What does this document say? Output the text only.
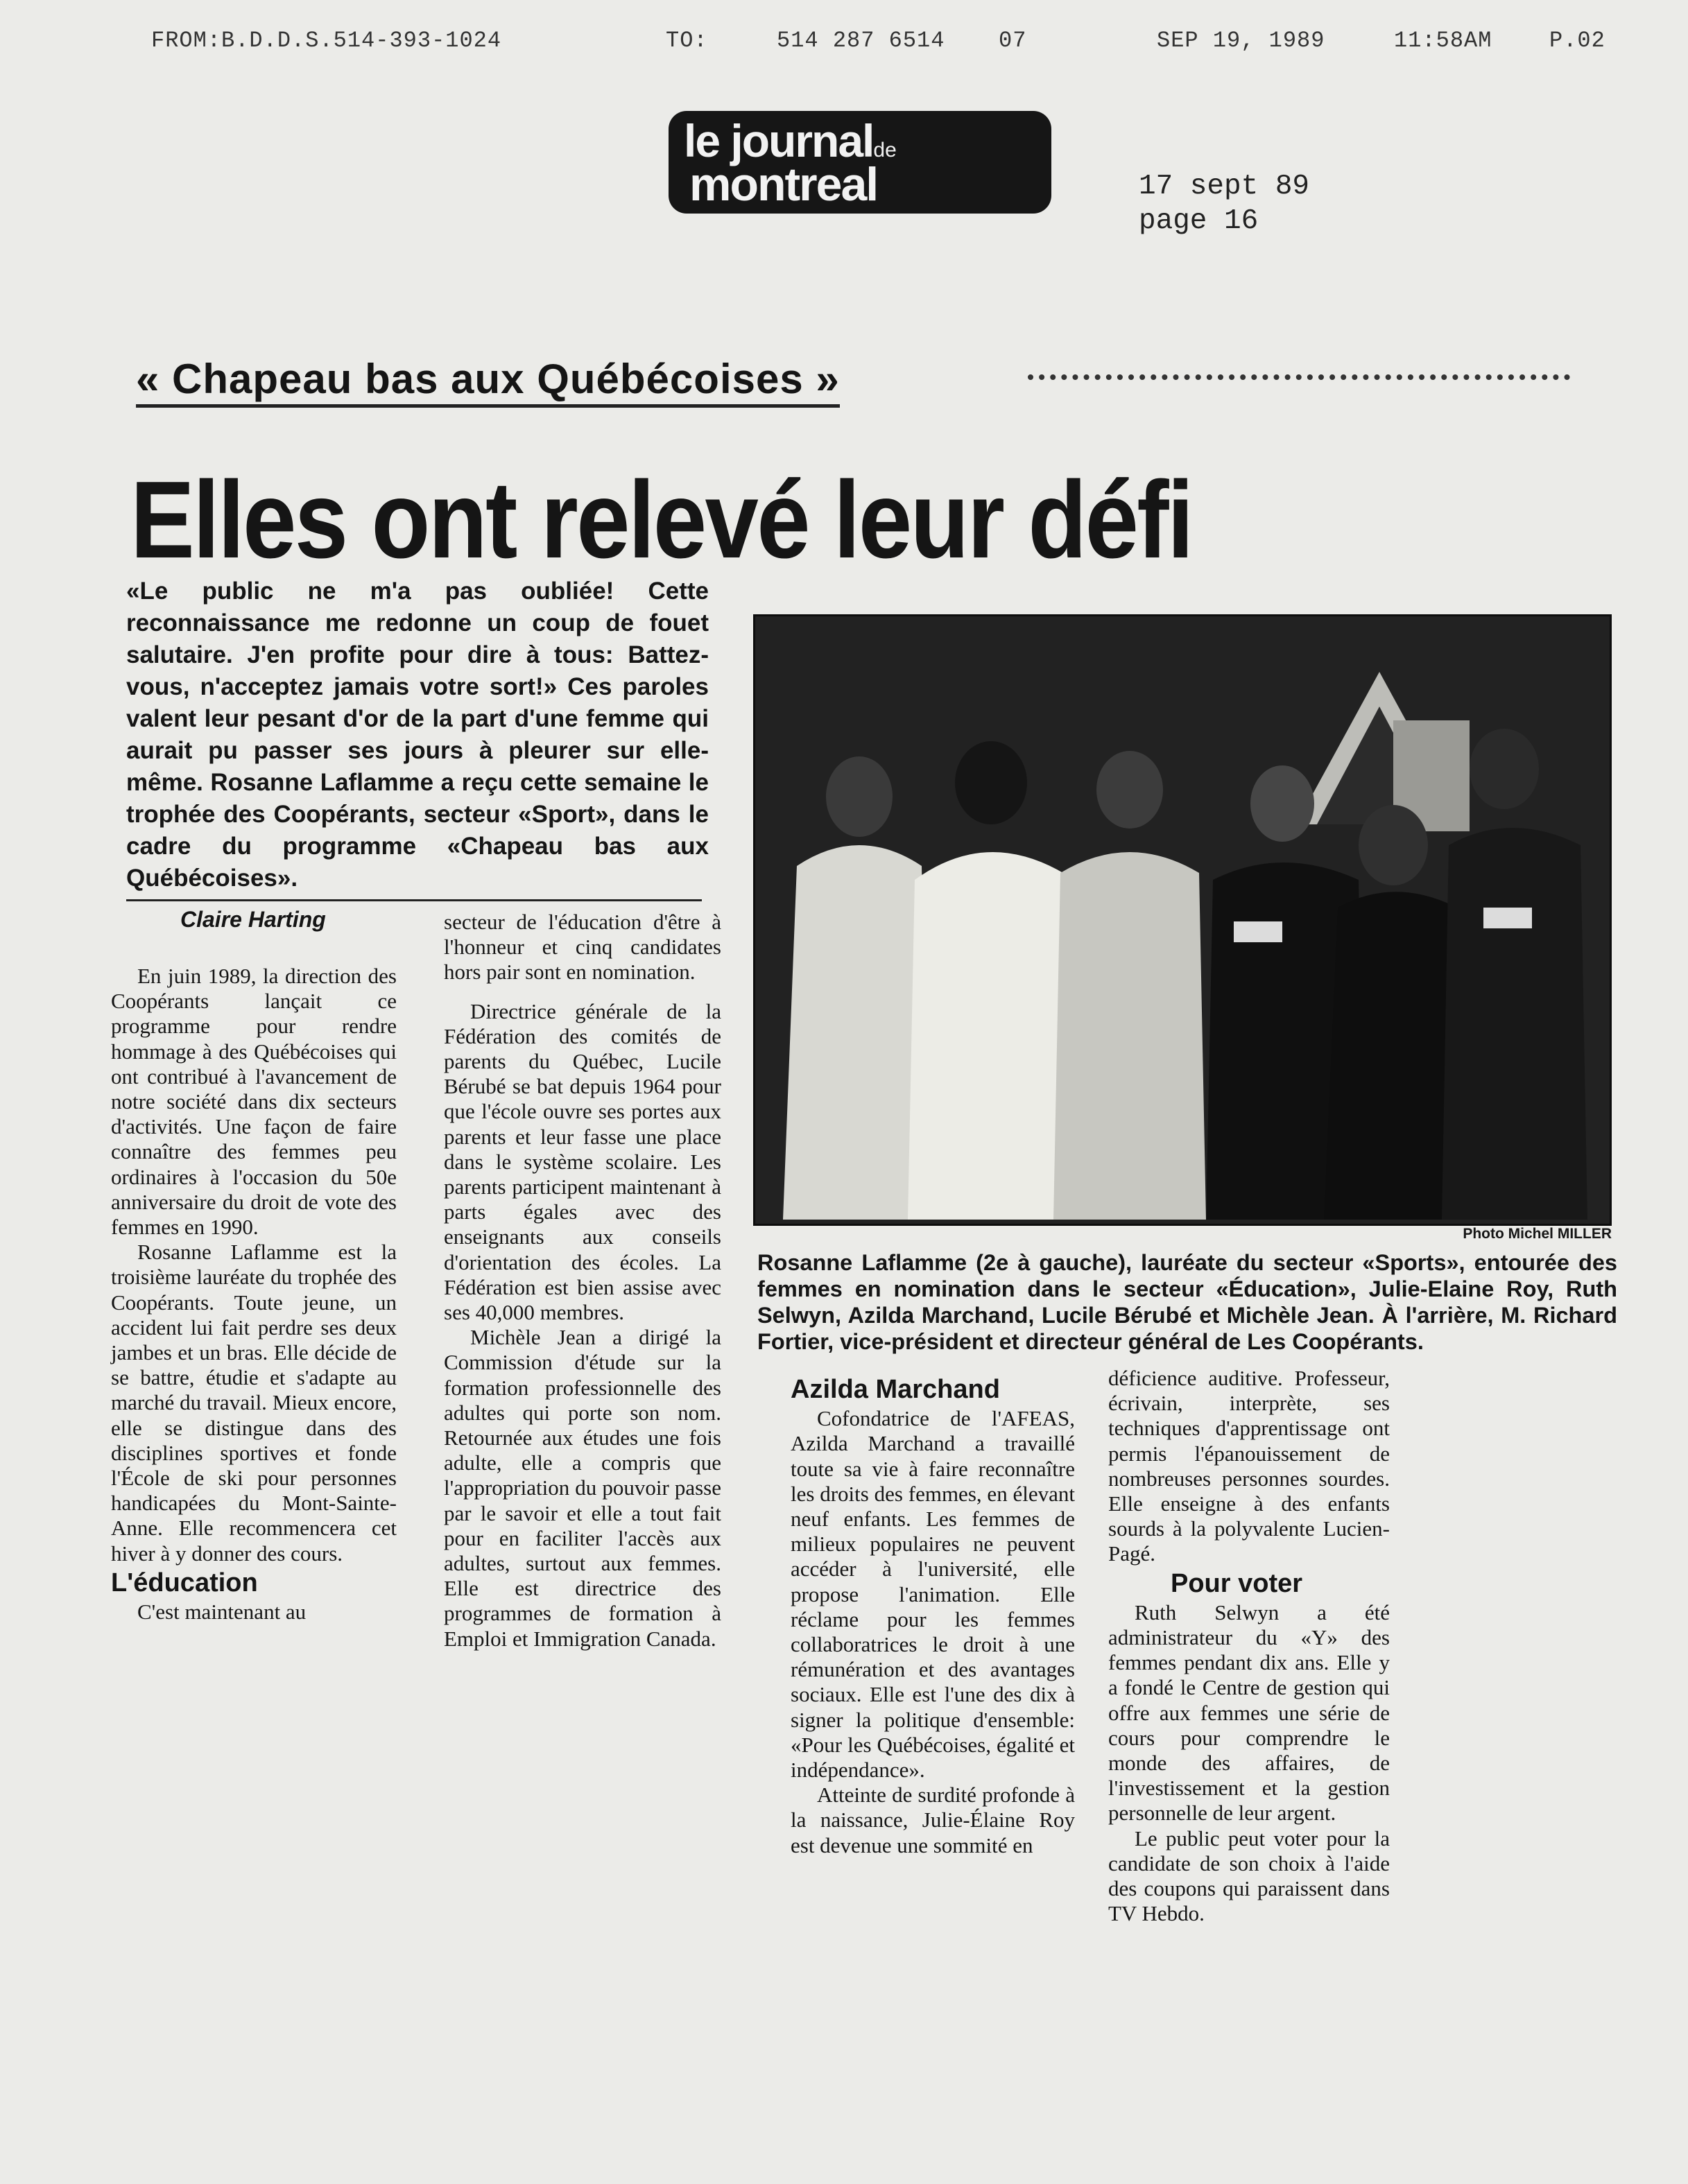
FROM:B.D.D.S.514-393-1024	TO:	514 287 6514 07	SEP 19, 1989	11:58AM	P.02
le journalde
montreal	17 sept 89
page 16
« Chapeau bas aux Québécoises »
Elles ont relevé leur défi
«Le public ne m'a pas oubliée! Cette reconnaissance me redonne un coup de fouet salutaire. J'en profite pour dire à tous: Battez-vous, n'acceptez jamais votre sort!» Ces paroles valent leur pesant d'or de la part d'une femme qui aurait pu passer ses jours à pleurer sur elle-même. Rosanne Laflamme a reçu cette semaine le trophée des Coopérants, secteur «Sport», dans le cadre du programme «Chapeau bas aux Québécoises».
Claire Harting

En juin 1989, la direction des Coopérants lançait ce programme pour rendre hommage à des Québécoises qui ont contribué à l'avancement de notre société dans dix secteurs d'activités. Une façon de faire connaître des femmes peu ordinaires à l'occasion du 50e anniversaire du droit de vote des femmes en 1990.

Rosanne Laflamme est la troisième lauréate du trophée des Coopérants. Toute jeune, un accident lui fait perdre ses deux jambes et un bras. Elle décide de se battre, étudie et s'adapte au marché du travail. Mieux encore, elle se distingue dans des disciplines sportives et fonde l'École de ski pour personnes handicapées du Mont-Sainte-Anne. Elle recommencera cet hiver à y donner des cours.

L'éducation

C'est maintenant au

secteur de l'éducation d'être à l'honneur et cinq candidates hors pair sont en nomination.

Directrice générale de la Fédération des comités de parents du Québec, Lucile Bérubé se bat depuis 1964 pour que l'école ouvre ses portes aux parents et leur fasse une place dans le système scolaire. Les parents participent maintenant à parts égales avec des enseignants aux conseils d'orientation des écoles. La Fédération est bien assise avec ses 40,000 membres.

Michèle Jean a dirigé la Commission d'étude sur la formation professionnelle des adultes qui porte son nom. Retournée aux études une fois adulte, elle a compris que l'appropriation du pouvoir passe par le savoir et elle a tout fait pour en faciliter l'accès aux adultes, surtout aux femmes. Elle est directrice des programmes de formation à Emploi et Immigration Canada.

Photo Michel MILLER
Rosanne Laflamme (2e à gauche), lauréate du secteur «Sports», entourée des femmes en nomination dans le secteur «Éducation», Julie-Elaine Roy, Ruth Selwyn, Azilda Marchand, Lucile Bérubé et Michèle Jean. À l'arrière, M. Richard Fortier, vice-président et directeur général de Les Coopérants.
Azilda Marchand

Cofondatrice de l'AFEAS, Azilda Marchand a travaillé toute sa vie à faire reconnaître les droits des femmes, en élevant neuf enfants. Les femmes de milieux populaires ne peuvent accéder à l'université, elle propose l'animation. Elle réclame pour les femmes collaboratrices le droit à une rémunération et des avantages sociaux. Elle est l'une des dix à signer la politique d'ensemble: «Pour les Québécoises, égalité et indépendance».

Atteinte de surdité profonde à la naissance, Julie-Élaine Roy est devenue une sommité en

déficience auditive. Professeur, écrivain, interprète, ses techniques d'apprentissage ont permis l'épanouissement de nombreuses personnes sourdes. Elle enseigne à des enfants sourds à la polyvalente Lucien-Pagé.

Pour voter

Ruth Selwyn a été administrateur du «Y» des femmes pendant dix ans. Elle y a fondé le Centre de gestion qui offre aux femmes une série de cours pour comprendre le monde des affaires, de l'investissement et la gestion personnelle de leur argent.

Le public peut voter pour la candidate de son choix à l'aide des coupons qui paraissent dans TV Hebdo.
